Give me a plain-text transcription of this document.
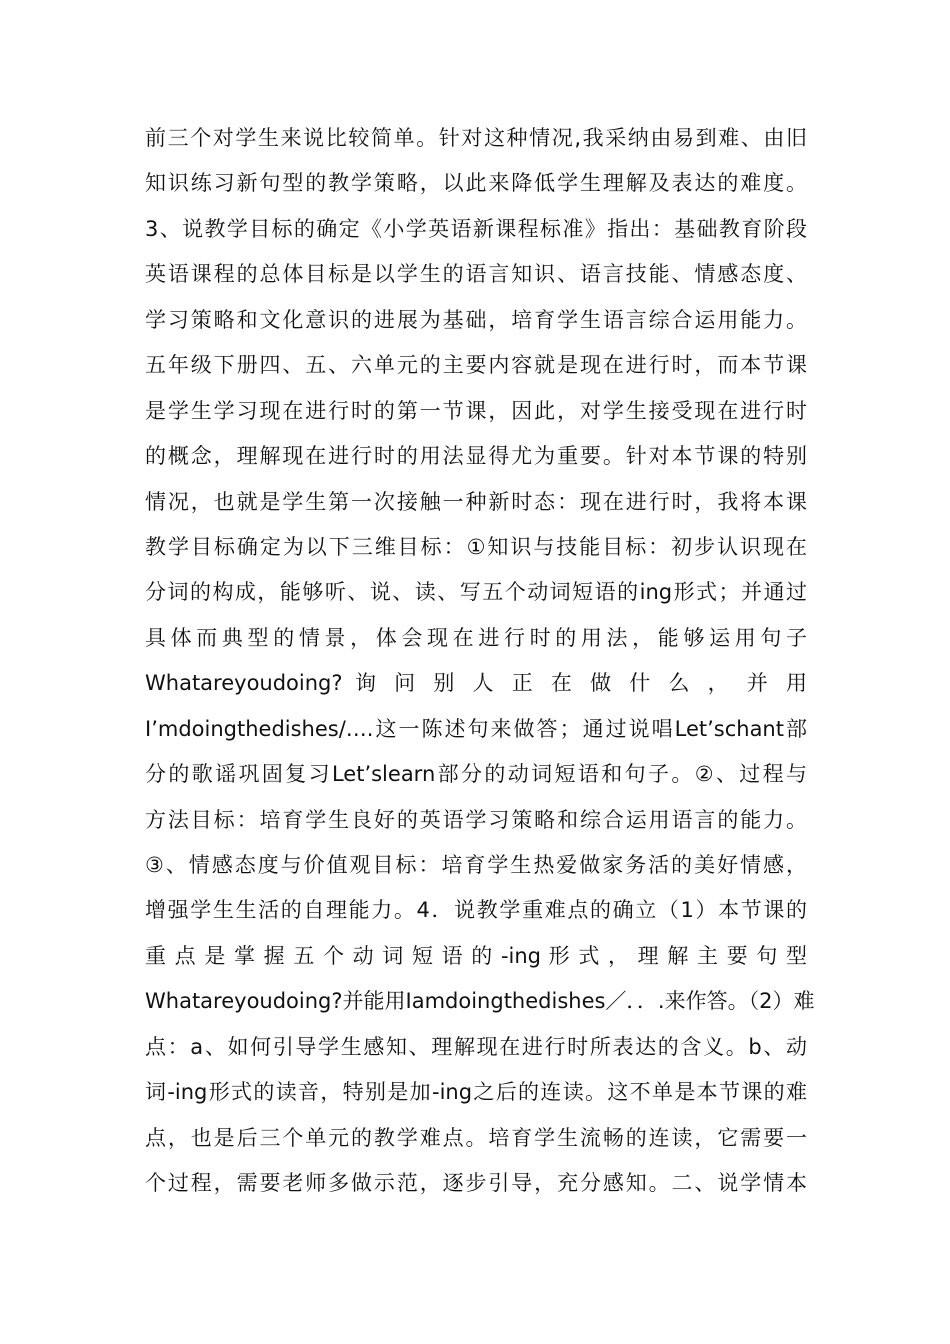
前三个对学生来说比较简单。针对这种情况,我采纳由易到难、由旧
知识练习新句型的教学策略，以此来降低学生理解及表达的难度。
3、说教学目标的确定《小学英语新课程标准》指出：基础教育阶段
英语课程的总体目标是以学生的语言知识、语言技能、情感态度、
学习策略和文化意识的进展为基础，培育学生语言综合运用能力。
五年级下册四、五、六单元的主要内容就是现在进行时，而本节课
是学生学习现在进行时的第一节课，因此，对学生接受现在进行时
的概念，理解现在进行时的用法显得尤为重要。针对本节课的特别
情况，也就是学生第一次接触一种新时态：现在进行时，我将本课
教学目标确定为以下三维目标：①知识与技能目标：初步认识现在
分词的构成，能够听、说、读、写五个动词短语的ing形式；并通过
具体而典型的情景，体会现在进行时的用法，能够运用句子
Whatareyoudoing? 询 问 别 人 正 在 做 什 么 ， 并 用
I’mdoingthedishes/….这一陈述句来做答；通过说唱Let’schant部
分的歌谣巩固复习Let’slearn部分的动词短语和句子。②、过程与
方法目标：培育学生良好的英语学习策略和综合运用语言的能力。
③、情感态度与价值观目标：培育学生热爱做家务活的美好情感，
增强学生生活的自理能力。4．说教学重难点的确立（1）本节课的
重 点 是 掌 握 五 个 动 词 短 语 的 -ing 形 式 ， 理 解 主 要 句 型
Whatareyoudoing?并能用Iamdoingthedishes／．．.来作答。（2）难
点：a、如何引导学生感知、理解现在进行时所表达的含义。b、动
词-ing形式的读音，特别是加-ing之后的连读。这不单是本节课的难
点，也是后三个单元的教学难点。培育学生流畅的连读，它需要一
个过程，需要老师多做示范，逐步引导，充分感知。二、说学情本
